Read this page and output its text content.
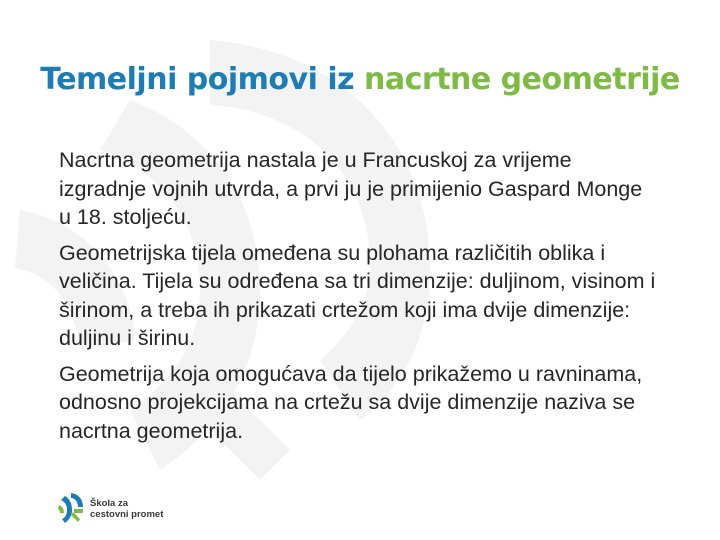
Temeljni pojmovi iz nacrtne geometrije

Nacrtna geometrija nastala je u Francuskoj za vrijeme izgradnje vojnih utvrda, a prvi ju je primijenio Gaspard Monge u 18. stoljeću.

Geometrijska tijela omeđena su plohama različitih oblika i veličina. Tijela su određena sa tri dimenzije: duljinom, visinom i širinom, a treba ih prikazati crtežom koji ima dvije dimenzije: duljinu i širinu.

Geometrija koja omogućava da tijelo prikažemo u ravninama, odnosno projekcijama na crtežu sa dvije dimenzije naziva se nacrtna geometrija.

Škola za
cestovni promet
